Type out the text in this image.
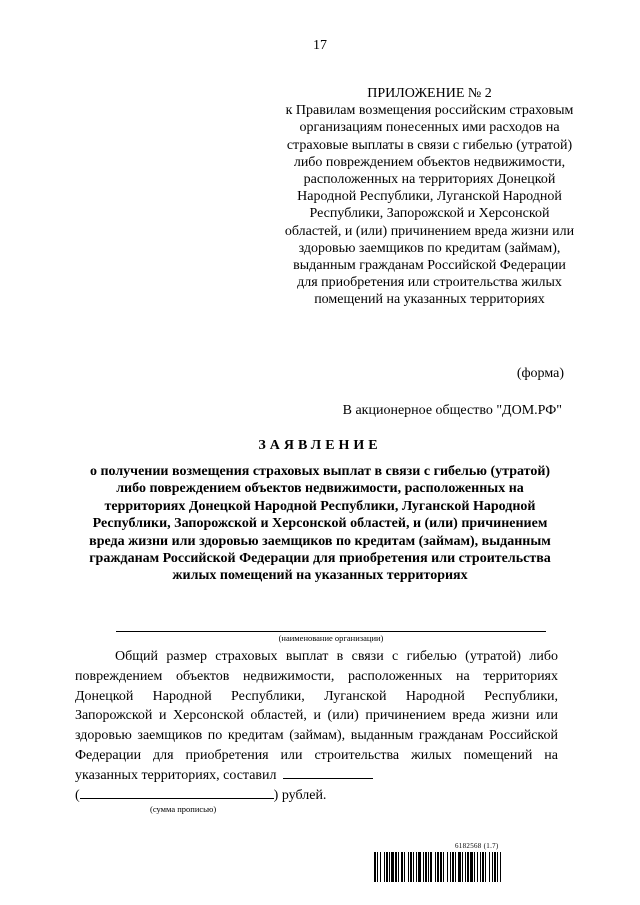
17
ПРИЛОЖЕНИЕ № 2
к Правилам возмещения российским страховым организациям понесенных ими расходов на страховые выплаты в связи с гибелью (утратой) либо повреждением объектов недвижимости, расположенных на территориях Донецкой Народной Республики, Луганской Народной Республики, Запорожской и Херсонской областей, и (или) причинением вреда жизни или здоровью заемщиков по кредитам (займам), выданным гражданам Российской Федерации для приобретения или строительства жилых помещений на указанных территориях
(форма)
В акционерное общество "ДОМ.РФ"
ЗАЯВЛЕНИЕ
о получении возмещения страховых выплат в связи с гибелью (утратой) либо повреждением объектов недвижимости, расположенных на территориях Донецкой Народной Республики, Луганской Народной Республики, Запорожской и Херсонской областей, и (или) причинением вреда жизни или здоровью заемщиков по кредитам (займам), выданным гражданам Российской Федерации для приобретения или строительства жилых помещений на указанных территориях
(наименование организации)
Общий размер страховых выплат в связи с гибелью (утратой) либо повреждением объектов недвижимости, расположенных на территориях Донецкой Народной Республики, Луганской Народной Республики, Запорожской и Херсонской областей, и (или) причинением вреда жизни или здоровью заемщиков по кредитам (займам), выданным гражданам Российской Федерации для приобретения или строительства жилых помещений на указанных территориях, составил
(	) рублей.
(сумма прописью)
6182568 (1.7)
